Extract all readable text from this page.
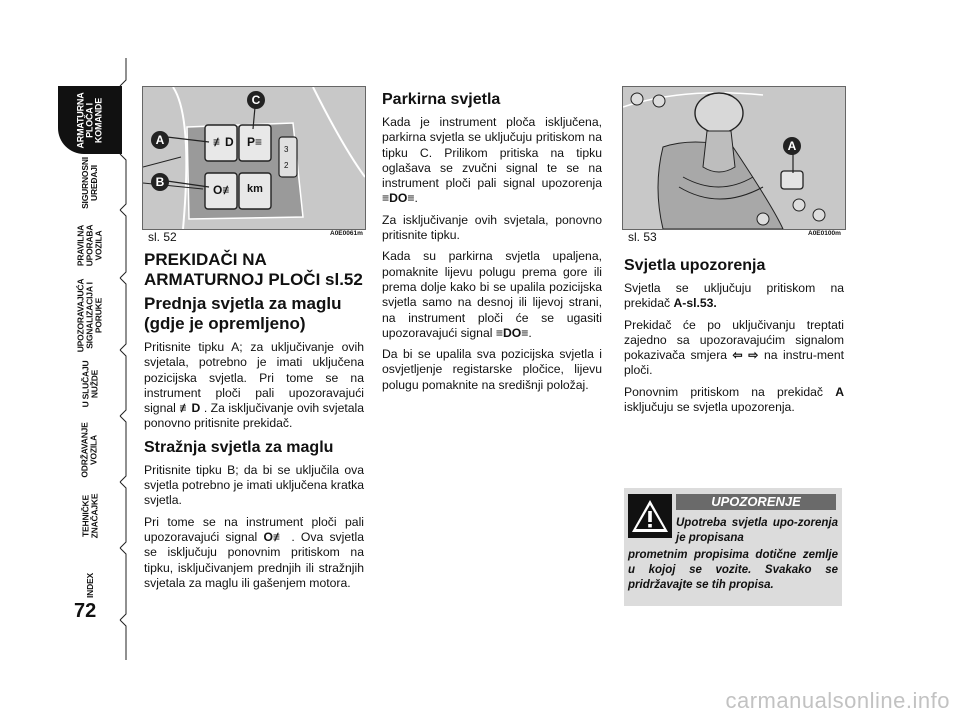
ARMATURNA
PLOČA I
KOMANDE
SIGURNOSNI
UREĐAJI
PRAVILNA
UPORABA
VOZILA
UPOZORAVAJUĆA
SIGNALIZACIJA I
PORUKE
U SLUČAJU
NUŽDE
ODRŽAVANJE
VOZILA
TEHNIČKE
ZNAČAJKE
INDEX
72
≢D P≡
O≢ km
3
2
A
B
C
sl. 52	A0E0061m
A
sl. 53	A0E0100m
PREKIDAČI NA ARMATURNOJ PLOČI sl.52
Prednja svjetla za maglu (gdje je opremljeno)

Pritisnite tipku A; za uključivanje ovih svjetala, potrebno je imati uključena pozicijska svjetla. Pri tome se na instrument ploči pali upozoravajući signal ≢D . Za isključivanje ovih svjetala ponovno pritisnite prekidač.

Stražnja svjetla za maglu

Pritisnite tipku B; da bi se uključila ova svjetla potrebno je imati uključena kratka svjetla.

Pri tome se na instrument ploči pali upozoravajući signal O≢ . Ova svjetla se isključuju ponovnim pritiskom na tipku, isključivanjem prednjih ili stražnjih svjetala za maglu ili gašenjem motora.

Parkirna svjetla

Kada je instrument ploča isključena, parkirna svjetla se uključuju pritiskom na tipku C. Prilikom pritiska na tipku oglašava se zvučni signal te se na instrument ploči pali signal upozorenja ≡DO≡.

Za isključivanje ovih svjetala, ponovno pritisnite tipku.

Kada su parkirna svjetla upaljena, pomaknite lijevu polugu prema gore ili prema dolje kako bi se upalila pozicijska svjetla samo na desnoj ili lijevoj strani, na instrument ploči će se ugasiti upozoravajući signal ≡DO≡.

Da bi se upalila sva pozicijska svjetla i osvjetljenje registarske pločice, lijevu polugu pomaknite na središnji položaj.

Svjetla upozorenja

Svjetla se uključuju pritiskom na prekidač A-sl.53.

Prekidač će po uključivanju treptati zajedno sa upozoravajućim signalom pokazivača smjera ⇦ ⇨ na instru-ment ploči.

Ponovnim pritiskom na prekidač A isključuju se svjetla upozorenja.

UPOZORENJE
Upotreba svjetla upo-zorenja je propisana
prometnim propisima dotične zemlje u kojoj se vozite. Svakako se pridržavajte se tih propisa.
carmanualsonline.info
